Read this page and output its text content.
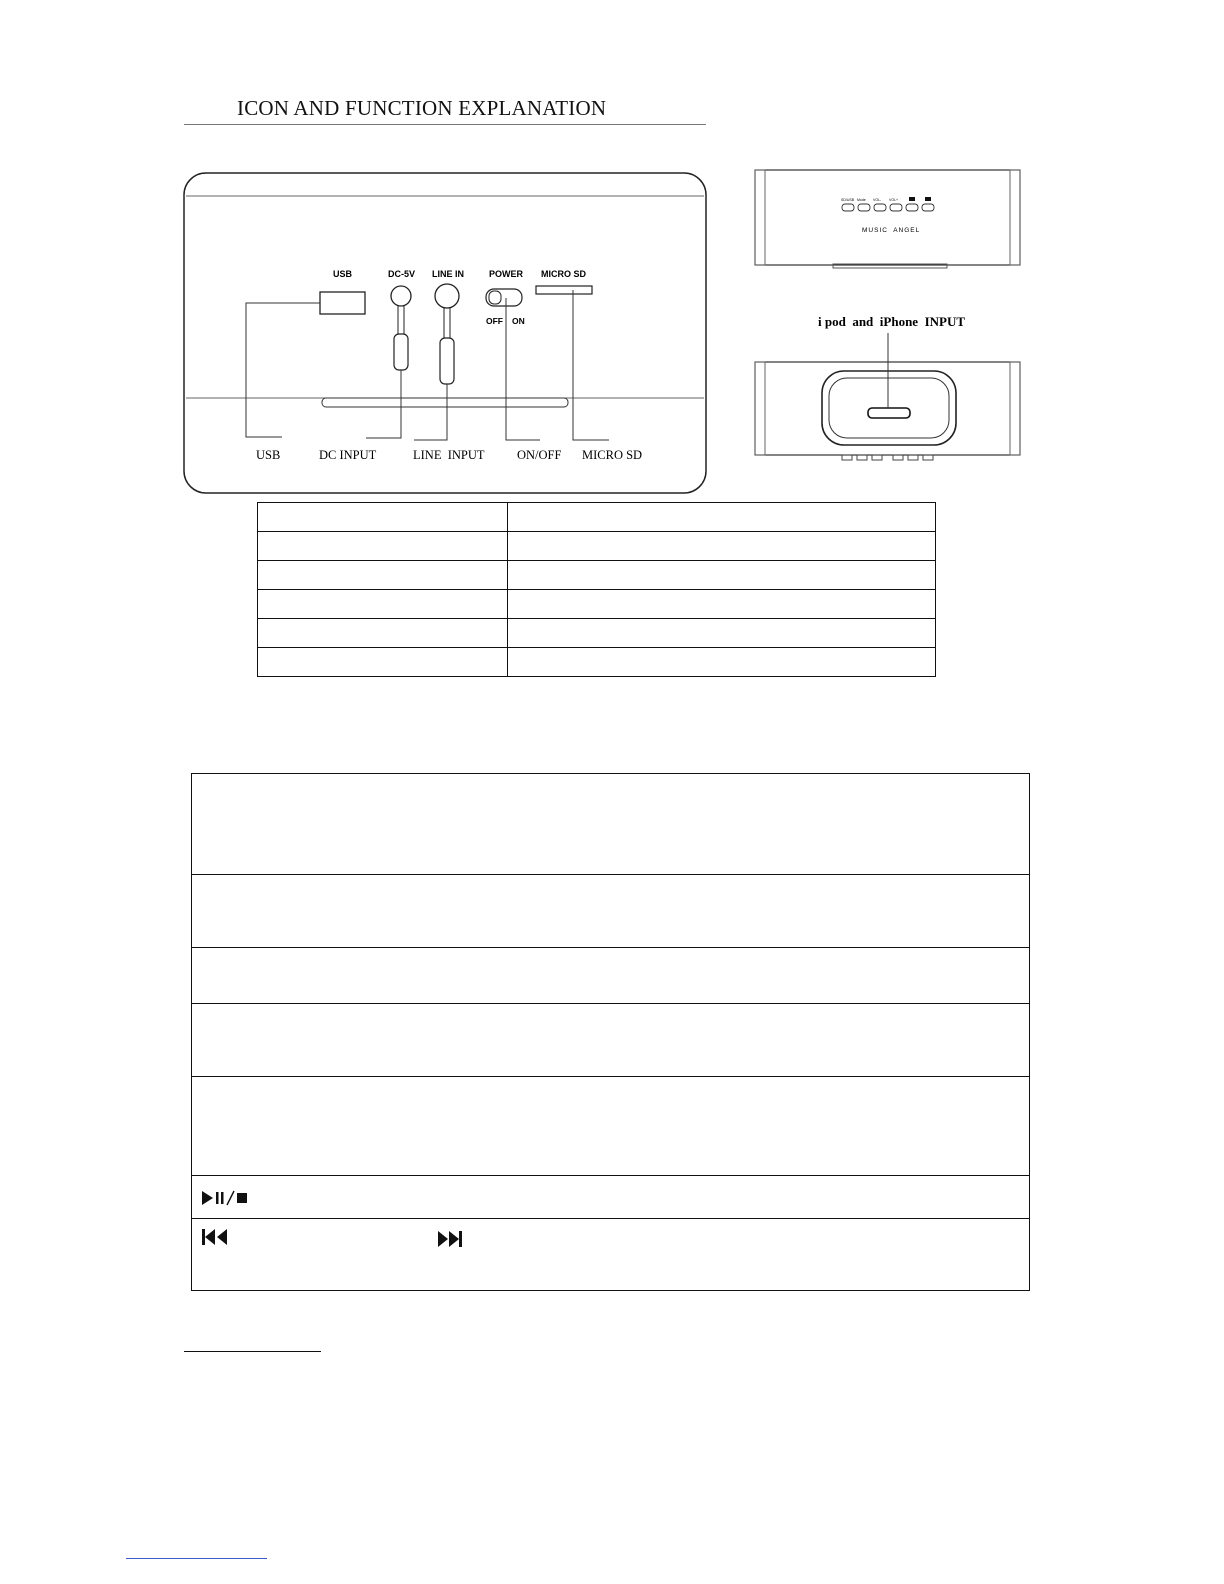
ICON AND FUNCTION EXPLANATION
USB	DC-5V LINE IN	POWER MICRO SD
OFF ON
USB	DC INPUT	LINE  INPUT	ON/OFF MICRO SD
SD/USB Mode VOL- VOL+
MUSIC  ANGEL
i pod  and  iPhone  INPUT
